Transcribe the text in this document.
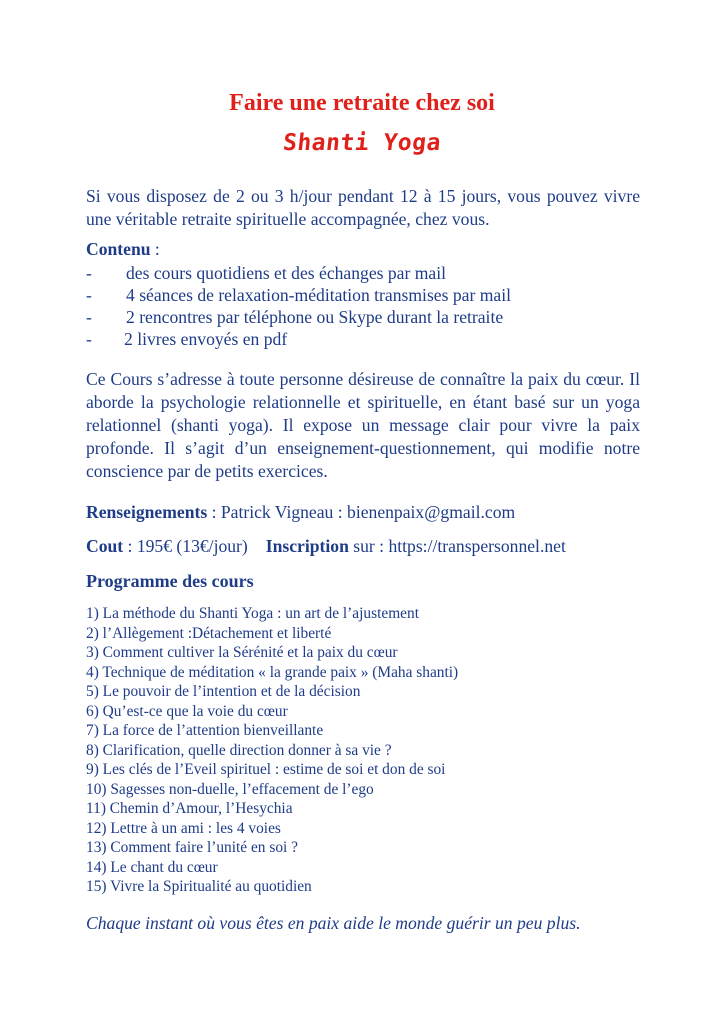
Faire une retraite chez soi
Shanti Yoga

Si vous disposez de 2 ou 3 h/jour pendant 12 à 15 jours, vous pouvez vivre une véritable retraite spirituelle accompagnée, chez vous.

Contenu :

- des cours quotidiens et des échanges par mail
- 4 séances de relaxation-méditation transmises par mail
- 2 rencontres par téléphone ou Skype durant la retraite
- 2 livres envoyés en pdf

Ce Cours s’adresse à toute personne désireuse de connaître la paix du cœur. Il aborde la psychologie relationnelle et spirituelle, en étant basé sur un yoga relationnel (shanti yoga). Il expose un message clair pour vivre la paix profonde. Il s’agit d’un enseignement-questionnement, qui modifie notre conscience par de petits exercices.

Renseignements : Patrick Vigneau : bienenpaix@gmail.com

Cout : 195€ (13€/jour) Inscription sur : https://transpersonnel.net

Programme des cours
1) La méthode du Shanti Yoga : un art de l’ajustement
2) l’Allègement :Détachement et liberté
3) Comment cultiver la Sérénité et la paix du cœur
4) Technique de méditation « la grande paix » (Maha shanti)
5) Le pouvoir de l’intention et de la décision
6) Qu’est-ce que la voie du cœur
7) La force de l’attention bienveillante
8) Clarification, quelle direction donner à sa vie ?
9) Les clés de l’Eveil spirituel : estime de soi et don de soi
10) Sagesses non-duelle, l’effacement de l’ego
11) Chemin d’Amour, l’Hesychia
12) Lettre à un ami : les 4 voies
13) Comment faire l’unité en soi ?
14) Le chant du cœur
15) Vivre la Spiritualité au quotidien
Chaque instant où vous êtes en paix aide le monde guérir un peu plus.
